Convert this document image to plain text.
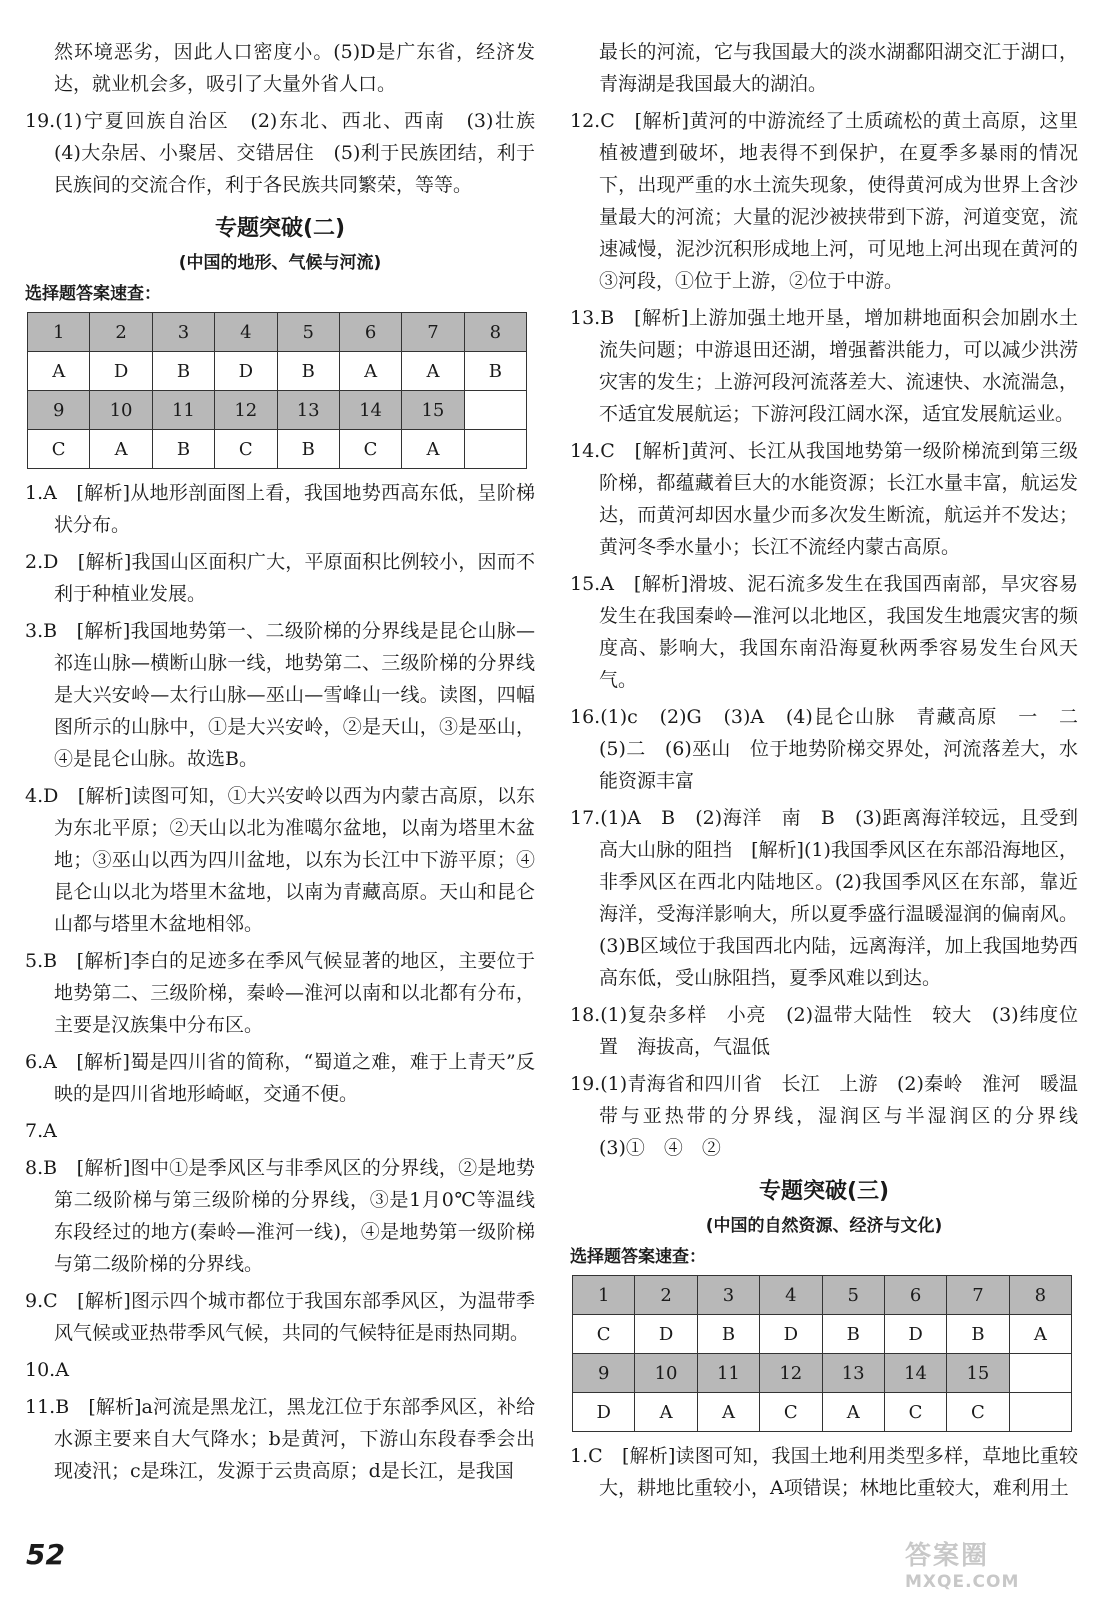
然环境恶劣，因此人口密度小。(5)D是广东省，经济发达，就业机会多，吸引了大量外省人口。

19.(1)宁夏回族自治区　(2)东北、西北、西南　(3)壮族　(4)大杂居、小聚居、交错居住　(5)利于民族团结，利于民族间的交流合作，利于各民族共同繁荣，等等。

专题突破(二)
(中国的地形、气候与河流)
选择题答案速查：
1	2	3	4	5	6	7	8
A	D	B	D	B	A	A	B
9	10	11	12	13	14	15	
C	A	B	C	B	C	A	

1.A　[解析]从地形剖面图上看，我国地势西高东低，呈阶梯状分布。

2.D　[解析]我国山区面积广大，平原面积比例较小，因而不利于种植业发展。

3.B　[解析]我国地势第一、二级阶梯的分界线是昆仑山脉—祁连山脉—横断山脉一线，地势第二、三级阶梯的分界线是大兴安岭—太行山脉—巫山—雪峰山一线。读图，四幅图所示的山脉中，①是大兴安岭，②是天山，③是巫山，④是昆仑山脉。故选B。

4.D　[解析]读图可知，①大兴安岭以西为内蒙古高原，以东为东北平原；②天山以北为准噶尔盆地，以南为塔里木盆地；③巫山以西为四川盆地，以东为长江中下游平原；④昆仑山以北为塔里木盆地，以南为青藏高原。天山和昆仑山都与塔里木盆地相邻。

5.B　[解析]李白的足迹多在季风气候显著的地区，主要位于地势第二、三级阶梯，秦岭—淮河以南和以北都有分布，主要是汉族集中分布区。

6.A　[解析]蜀是四川省的简称，“蜀道之难，难于上青天”反映的是四川省地形崎岖，交通不便。

7.A

8.B　[解析]图中①是季风区与非季风区的分界线，②是地势第二级阶梯与第三级阶梯的分界线，③是1月0℃等温线东段经过的地方(秦岭—淮河一线)，④是地势第一级阶梯与第二级阶梯的分界线。

9.C　[解析]图示四个城市都位于我国东部季风区，为温带季风气候或亚热带季风气候，共同的气候特征是雨热同期。

10.A

11.B　[解析]a河流是黑龙江，黑龙江位于东部季风区，补给水源主要来自大气降水；b是黄河，下游山东段春季会出现凌汛；c是珠江，发源于云贵高原；d是长江，是我国

最长的河流，它与我国最大的淡水湖鄱阳湖交汇于湖口，青海湖是我国最大的湖泊。

12.C　[解析]黄河的中游流经了土质疏松的黄土高原，这里植被遭到破坏，地表得不到保护，在夏季多暴雨的情况下，出现严重的水土流失现象，使得黄河成为世界上含沙量最大的河流；大量的泥沙被挟带到下游，河道变宽，流速减慢，泥沙沉积形成地上河，可见地上河出现在黄河的③河段，①位于上游，②位于中游。

13.B　[解析]上游加强土地开垦，增加耕地面积会加剧水土流失问题；中游退田还湖，增强蓄洪能力，可以减少洪涝灾害的发生；上游河段河流落差大、流速快、水流湍急，不适宜发展航运；下游河段江阔水深，适宜发展航运业。

14.C　[解析]黄河、长江从我国地势第一级阶梯流到第三级阶梯，都蕴藏着巨大的水能资源；长江水量丰富，航运发达，而黄河却因水量少而多次发生断流，航运并不发达；黄河冬季水量小；长江不流经内蒙古高原。

15.A　[解析]滑坡、泥石流多发生在我国西南部，旱灾容易发生在我国秦岭—淮河以北地区，我国发生地震灾害的频度高、影响大，我国东南沿海夏秋两季容易发生台风天气。

16.(1)c　(2)G　(3)A　(4)昆仑山脉　青藏高原　一　二　(5)二　(6)巫山　位于地势阶梯交界处，河流落差大，水能资源丰富

17.(1)A　B　(2)海洋　南　B　(3)距离海洋较远，且受到高大山脉的阻挡　[解析](1)我国季风区在东部沿海地区，非季风区在西北内陆地区。(2)我国季风区在东部，靠近海洋，受海洋影响大，所以夏季盛行温暖湿润的偏南风。(3)B区域位于我国西北内陆，远离海洋，加上我国地势西高东低，受山脉阻挡，夏季风难以到达。

18.(1)复杂多样　小亮　(2)温带大陆性　较大　(3)纬度位置　海拔高，气温低

19.(1)青海省和四川省　长江　上游　(2)秦岭　淮河　暖温带与亚热带的分界线，湿润区与半湿润区的分界线　(3)①　④　②

专题突破(三)
(中国的自然资源、经济与文化)
选择题答案速查：
1	2	3	4	5	6	7	8
C	D	B	D	B	D	B	A
9	10	11	12	13	14	15	
D	A	A	C	A	C	C	

1.C　[解析]读图可知，我国土地利用类型多样，草地比重较大，耕地比重较小，A项错误；林地比重较大，难利用土

52	答案圈
MXQE.COM
